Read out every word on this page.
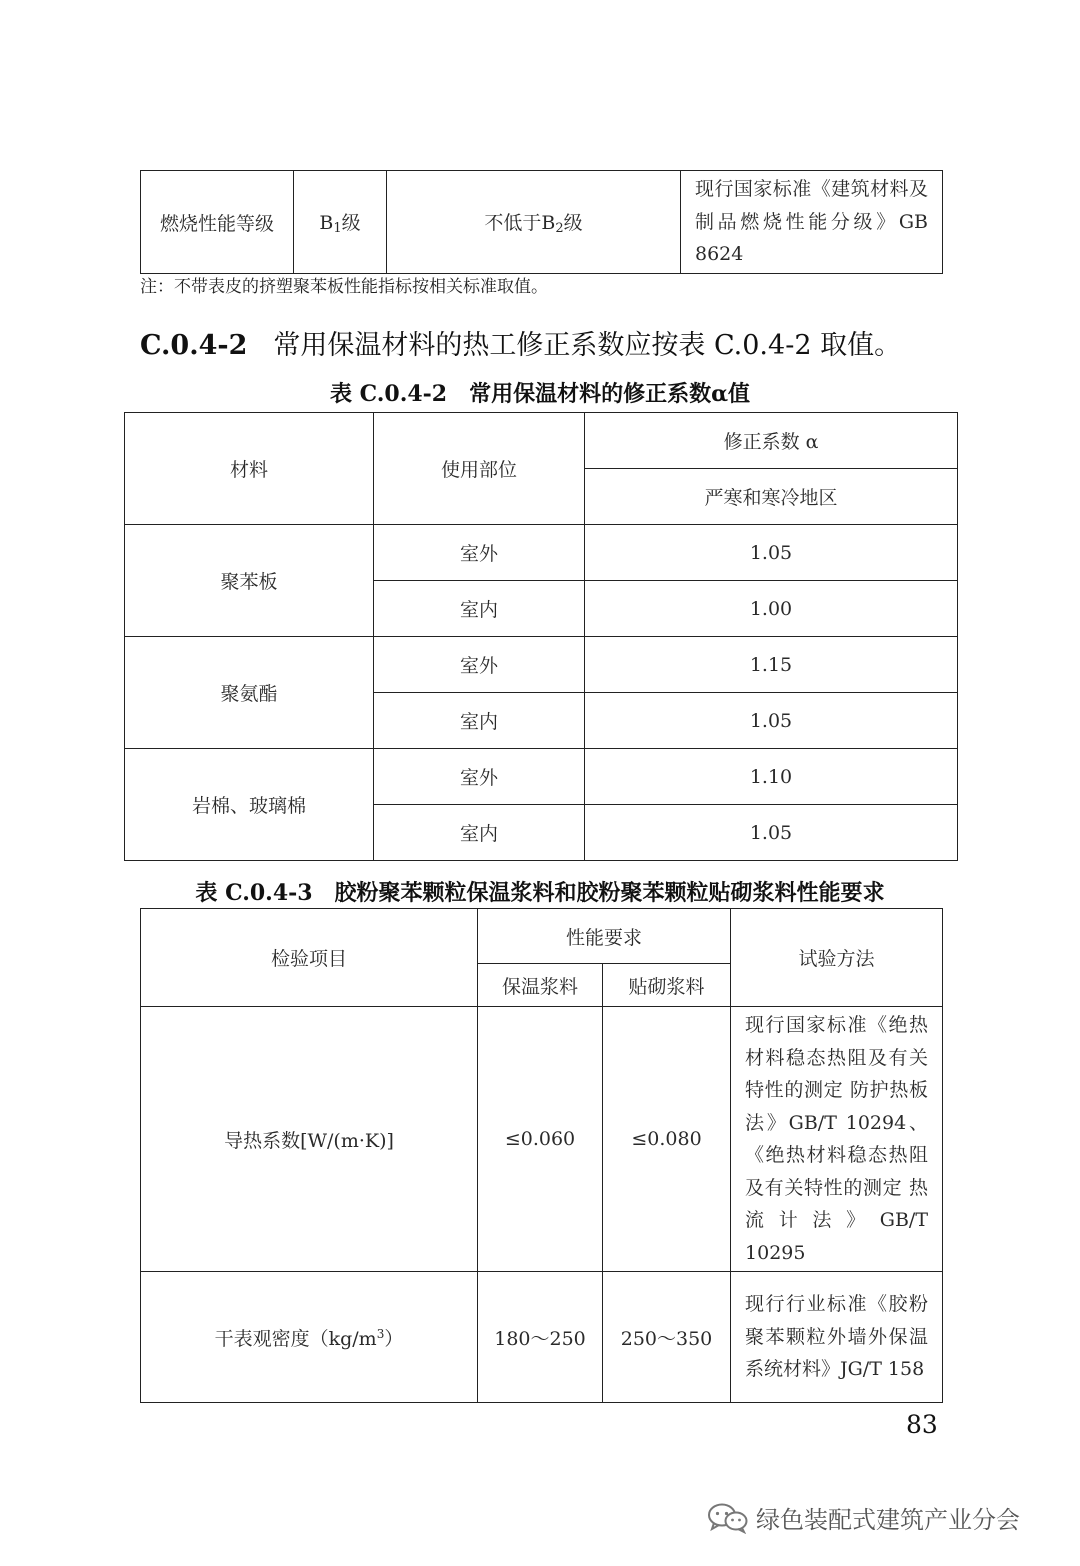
燃烧性能等级	$B_1$级	不低于$B_2$级	现行国家标准《建筑材料及制品燃烧性能分级》GB 8624
注：不带表皮的挤塑聚苯板性能指标按相关标准取值。
C.0.4-2 常用保温材料的热工修正系数应按表 C.0.4-2 取值。
表 C.0.4-2　常用保温材料的修正系数α值
材料	使用部位	修正系数 α
		严寒和寒冷地区
聚苯板	室外	1.05
	室内	1.00
聚氨酯	室外	1.15
	室内	1.05
岩棉、玻璃棉	室外	1.10
	室内	1.05
表 C.0.4-3　胶粉聚苯颗粒保温浆料和胶粉聚苯颗粒贴砌浆料性能要求
检验项目	性能要求		试验方法
	保温浆料	贴砌浆料	
导热系数[W/(m·K)]	≤0.060	≤0.080	现行国家标准《绝热材料稳态热阻及有关特性的测定 防护热板法》GB/T 10294、《绝热材料稳态热阻及有关特性的测定 热流计法》GB/T 10295
干表观密度$(kg/m^3)$	180～250	250～350	现行行业标准《胶粉聚苯颗粒外墙外保温系统材料》JG/T 158
83
绿色装配式建筑产业分会
